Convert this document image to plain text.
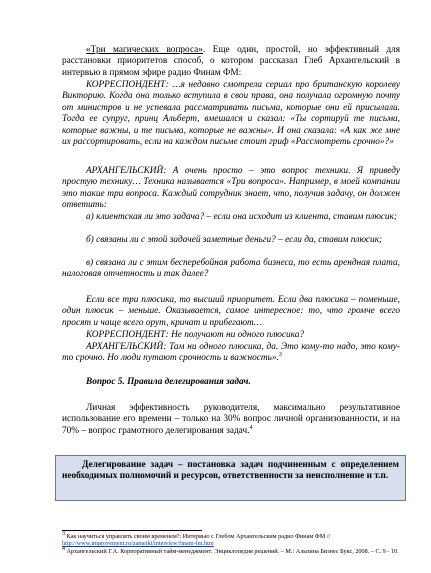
«Три магических вопроса». Еще один, простой, но эффективный для расстановки приоритетов способ, о котором рассказал Глеб Архангельский в интервью в прямом эфире радио Финам ФМ:
КОРРЕСПОНДЕНТ: …я недавно смотрела сериал про британскую королеву Викторию. Когда она только вступила в свои права, она получала огромную почту от министров и не успевала рассматривать письма, которые они ей присылали. Тогда ее супруг, принц Альберт, вмешался и сказал: «Ты сортируй те письма, которые важны, и те письма, которые не важны». И она сказала: «А как же мне их рассортировать, если на каждом письме стоит гриф «Рассмотреть срочно»?»
АРХАНГЕЛЬСКИЙ: А очень просто – это вопрос техники. Я приведу простую технику… Техника называется «Три вопроса». Например, в моей компании это такие три вопроса. Каждый сотрудник знает, что, получив задачу, он должен ответить:
а) клиентская ли это задача? – если она исходит из клиента, ставим плюсик;
б) связаны ли с этой задачей заметные деньги? – если да, ставим плюсик;
в) связана ли с этим бесперебойная работа бизнеса, то есть арендная плата, налоговая отчетность и так далее?
Если все три плюсика, то высший приоритет. Если два плюсика – поменьше, один плюсик – меньше. Оказывается, самое интересное: то, что громче всего просят и чаще всего орут, кричат и прибегают…
КОРРЕСПОНДЕНТ: Не получают ни одного плюсика?
АРХАНГЕЛЬСКИЙ: Там ни одного плюсика, да. Это кому-то надо, это кому-то срочно. Но люди путают срочность и важность».$^3$
Вопрос 5. Правила делегирования задач.
Личная эффективность руководителя, максимально результативное использование его времени – только на 30% вопрос личной организованности, и на 70% – вопрос грамотного делегирования задач.$^4$
Делегирование задач – постановка задач подчиненным с определением необходимых полномочий и ресурсов, ответственности за неисполнение и т.п.
$^3$ Как научиться управлять своим временем?: Интервью с Глебом Архангельским радио Финам ФМ // http://www.improvement.ru/zametki/interview/finam-fm.htm
$^4$ Архангельский Г.А. Корпоративный тайм-менеджмент: Энциклопедия решений. – М.: Альпина Бизнес Букс, 2008. – С. 9 - 10.
